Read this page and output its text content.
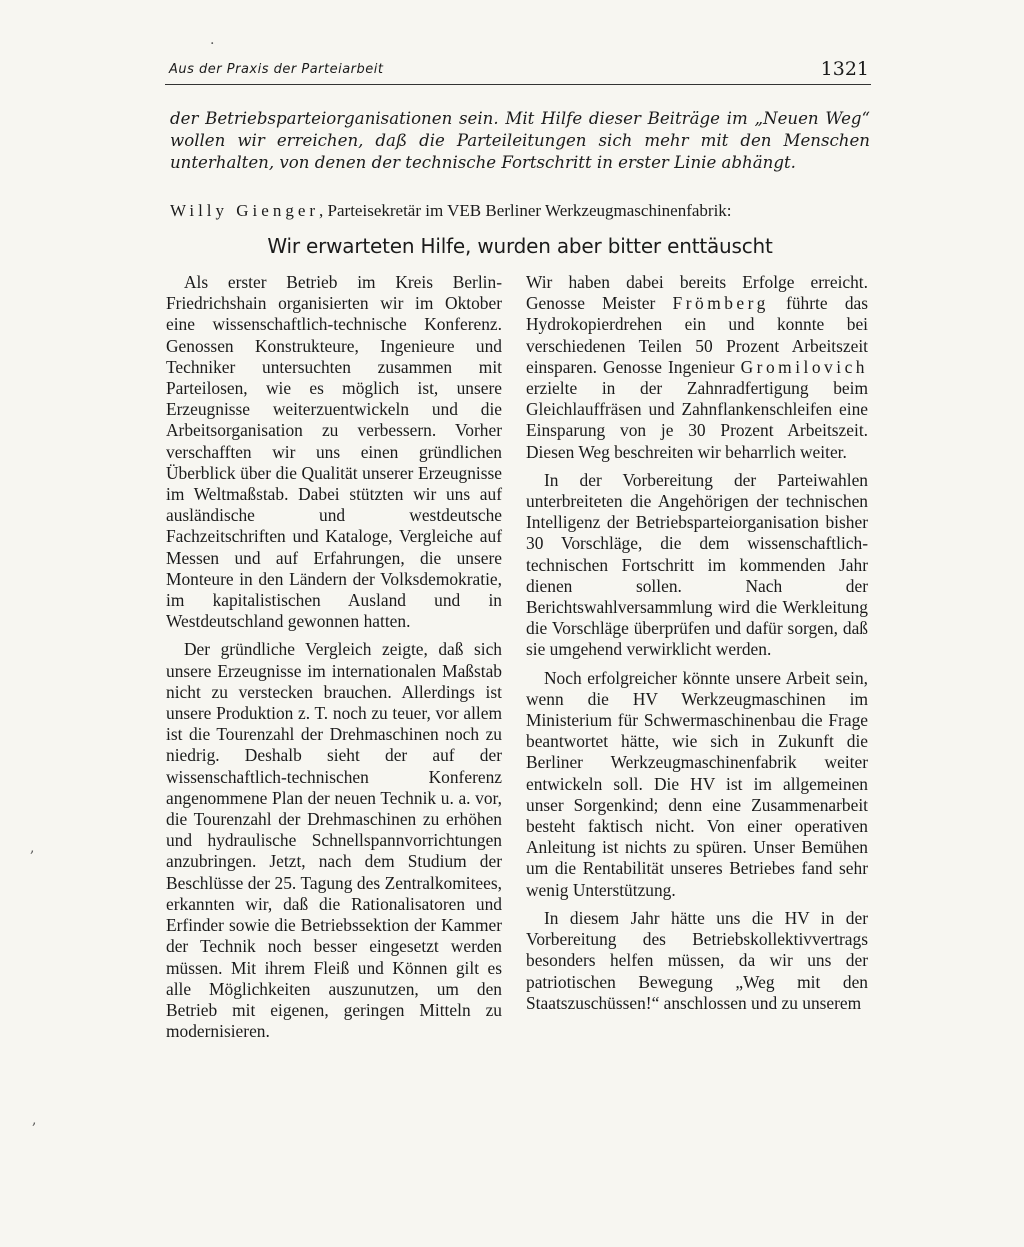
Aus der Praxis der Parteiarbeit	1321
der Betriebsparteiorganisationen sein. Mit Hilfe dieser Beiträge im „Neuen Weg“ wollen wir erreichen, daß die Parteileitungen sich mehr mit den Menschen unterhalten, von denen der technische Fortschritt in erster Linie abhängt.
Willy Gienger, Parteisekretär im VEB Berliner Werkzeugmaschinenfabrik:
Wir erwarteten Hilfe, wurden aber bitter enttäuscht

Als erster Betrieb im Kreis Berlin-Friedrichshain organisierten wir im Oktober eine wissenschaftlich-technische Konferenz. Genossen Konstrukteure, Ingenieure und Techniker untersuchten zusammen mit Parteilosen, wie es möglich ist, unsere Erzeugnisse weiterzuentwickeln und die Arbeitsorganisation zu verbessern. Vorher verschafften wir uns einen gründlichen Überblick über die Qualität unserer Erzeugnisse im Weltmaßstab. Dabei stützten wir uns auf ausländische und westdeutsche Fachzeitschriften und Kataloge, Vergleiche auf Messen und auf Erfahrungen, die unsere Monteure in den Ländern der Volksdemokratie, im kapitalistischen Ausland und in Westdeutschland gewonnen hatten.

Der gründliche Vergleich zeigte, daß sich unsere Erzeugnisse im internationalen Maßstab nicht zu verstecken brauchen. Allerdings ist unsere Produktion z. T. noch zu teuer, vor allem ist die Tourenzahl der Drehmaschinen noch zu niedrig. Deshalb sieht der auf der wissenschaftlich-technischen Konferenz angenommene Plan der neuen Technik u. a. vor, die Tourenzahl der Drehmaschinen zu erhöhen und hydraulische Schnellspannvorrichtungen anzubringen. Jetzt, nach dem Studium der Beschlüsse der 25. Tagung des Zentralkomitees, erkannten wir, daß die Rationalisatoren und Erfinder sowie die Betriebssektion der Kammer der Technik noch besser eingesetzt werden müssen. Mit ihrem Fleiß und Können gilt es alle Möglichkeiten auszunutzen, um den Betrieb mit eigenen, geringen Mitteln zu modernisieren.

Wir haben dabei bereits Erfolge erreicht. Genosse Meister Frömberg führte das Hydrokopierdrehen ein und konnte bei verschiedenen Teilen 50 Prozent Arbeitszeit einsparen. Genosse Ingenieur Gromilovich erzielte in der Zahnradfertigung beim Gleichlauffräsen und Zahnflankenschleifen eine Einsparung von je 30 Prozent Arbeitszeit. Diesen Weg beschreiten wir beharrlich weiter.

In der Vorbereitung der Parteiwahlen unterbreiteten die Angehörigen der technischen Intelligenz der Betriebsparteiorganisation bisher 30 Vorschläge, die dem wissenschaftlich-technischen Fortschritt im kommenden Jahr dienen sollen. Nach der Berichtswahlversammlung wird die Werkleitung die Vorschläge überprüfen und dafür sorgen, daß sie umgehend verwirklicht werden.

Noch erfolgreicher könnte unsere Arbeit sein, wenn die HV Werkzeugmaschinen im Ministerium für Schwermaschinenbau die Frage beantwortet hätte, wie sich in Zukunft die Berliner Werkzeugmaschinenfabrik weiter entwickeln soll. Die HV ist im allgemeinen unser Sorgenkind; denn eine Zusammenarbeit besteht faktisch nicht. Von einer operativen Anleitung ist nichts zu spüren. Unser Bemühen um die Rentabilität unseres Betriebes fand sehr wenig Unterstützung.

In diesem Jahr hätte uns die HV in der Vorbereitung des Betriebskollektivvertrags besonders helfen müssen, da wir uns der patriotischen Bewegung „Weg mit den Staatszuschüssen!“ anschlossen und zu unserem

,
,
.
